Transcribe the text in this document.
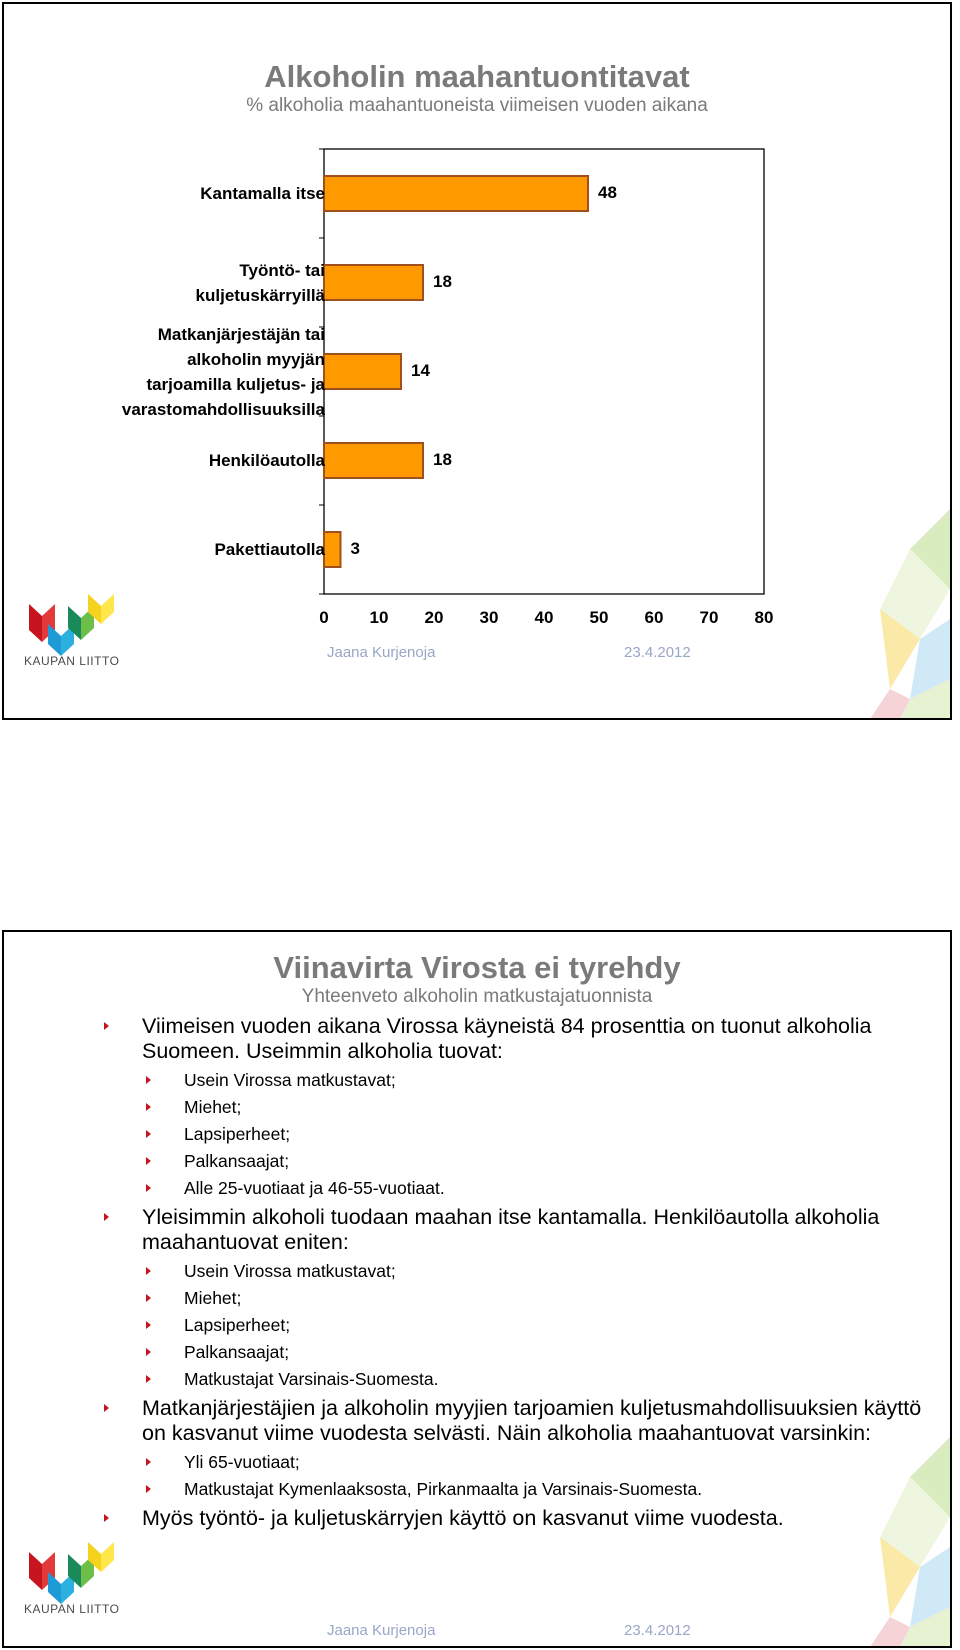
Alkoholin maahantuontitavat
% alkoholia maahantuoneista viimeisen vuoden aikana
48
Kantamalla itse
18
Työntö- tai
kuljetuskärryillä
14
Matkanjärjestäjän tai
alkoholin myyjän
tarjoamilla kuljetus- ja
varastomahdollisuuksilla
18
Henkilöautolla
3
Pakettiautolla
0	10	20	30	40	50	60	70	80
KAUPAN LIITTO	Jaana Kurjenoja	23.4.2012
Viinavirta Virosta ei tyrehdy
Yhteenveto alkoholin matkustajatuonnista
Viimeisen vuoden aikana Virossa käyneistä 84 prosenttia on tuonut alkoholia Suomeen. Useimmin alkoholia tuovat:
Usein Virossa matkustavat;
Miehet;
Lapsiperheet;
Palkansaajat;
Alle 25-vuotiaat ja 46-55-vuotiaat.
Yleisimmin alkoholi tuodaan maahan itse kantamalla. Henkilöautolla alkoholia maahantuovat eniten:
Usein Virossa matkustavat;
Miehet;
Lapsiperheet;
Palkansaajat;
Matkustajat Varsinais-Suomesta.
Matkanjärjestäjien ja alkoholin myyjien tarjoamien kuljetusmahdollisuuksien käyttö on kasvanut viime vuodesta selvästi. Näin alkoholia maahantuovat varsinkin:
Yli 65-vuotiaat;
Matkustajat Kymenlaaksosta, Pirkanmaalta ja Varsinais-Suomesta.
Myös työntö- ja kuljetuskärryjen käyttö on kasvanut viime vuodesta.
KAUPAN LIITTO
Jaana Kurjenoja	23.4.2012
